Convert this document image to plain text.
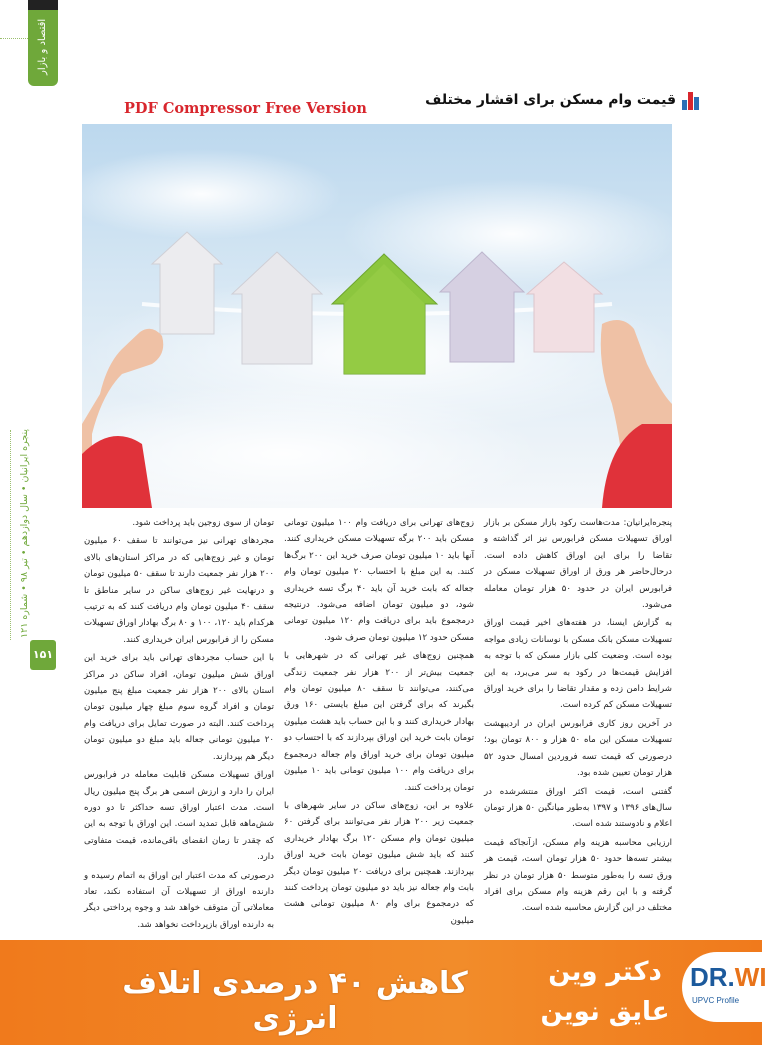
اقتصاد و بازار
پنجره ایرانیان • سال دوازدهم • تیر ۹۸ • شماره ۱۲۱
۱۵۱
PDF Compressor Free Version	قیمت وام مسکن برای اقشار مختلف

پنجره‌ایرانیان: مدت‌هاست رکود بازار مسکن بر بازار اوراق تسهیلات مسکن فرابورس نیز اثر گذاشته و تقاضا را برای این اوراق کاهش داده است. درحال‌حاضر هر ورق از اوراق تسهیلات مسکن در فرابورس ایران در حدود ۵۰ هزار تومان معامله می‌شود.

به گزارش ایسنا، در هفته‌های اخیر قیمت اوراق تسهیلات مسکن بانک مسکن با نوسانات زیادی مواجه بوده است. وضعیت کلی بازار مسکن که با توجه به افزایش قیمت‌ها در رکود به سر می‌برد، به این شرایط دامن زده و مقدار تقاضا را برای خرید اوراق تسهیلات مسکن کم کرده است.

در آخرین روز کاری فرابورس ایران در اردیبهشت تسهیلات مسکن این ماه ۵۰ هزار و ۸۰۰ تومان بود؛ درصورتی که قیمت تسه فروردین امسال حدود ۵۲ هزار تومان تعیین شده بود.

گفتنی است، قیمت اکثر اوراق منتشرشده در سال‌های ۱۳۹۶ و ۱۳۹۷ به‌طور میانگین ۵۰ هزار تومان اعلام و نادوستند شده است.

ارزیابی محاسبه هزینه وام مسکن، ازآنجاکه قیمت بیشتر تسه‌ها حدود ۵۰ هزار تومان است، قیمت هر ورق تسه را به‌طور متوسط ۵۰ هزار تومان در نظر گرفته و با این رقم هزینه وام مسکن برای افراد مختلف در این گزارش محاسبه شده است.

زوج‌های تهرانی برای دریافت وام ۱۰۰ میلیون تومانی مسکن باید ۲۰۰ برگه تسهیلات مسکن خریداری کنند. آنها باید ۱۰ میلیون تومان صرف خرید این ۲۰۰ برگ‌ها کنند. به این مبلغ با احتساب ۲۰ میلیون تومان وام جعاله که بابت خرید آن باید ۴۰ برگ تسه خریداری شود، دو میلیون تومان اضافه می‌شود. درنتیجه درمجموع باید برای دریافت وام ۱۲۰ میلیون تومانی مسکن حدود ۱۲ میلیون تومان صرف شود.

همچنین زوج‌های غیر تهرانی که در شهرهایی با جمعیت بیش‌تر از ۲۰۰ هزار نفر جمعیت زندگی می‌کنند، می‌توانند تا سقف ۸۰ میلیون تومان وام بگیرند که برای گرفتن این مبلغ بایستی ۱۶۰ ورق بهادار خریداری کنند و با این حساب باید هشت میلیون تومان بابت خرید این اوراق بپردازند که با احتساب دو میلیون تومان برای خرید اوراق وام جعاله درمجموع برای دریافت وام ۱۰۰ میلیون تومانی باید ۱۰ میلیون تومان پرداخت کنند.

علاوه بر این، زوج‌های ساکن در سایر شهرهای با جمعیت زیر ۲۰۰ هزار نفر می‌توانند برای گرفتن ۶۰ میلیون تومان وام مسکن ۱۲۰ برگ بهادار خریداری کنند که باید شش میلیون تومان بابت خرید اوراق بپردازند. همچنین برای دریافت ۲۰ میلیون تومان دیگر بابت وام جعاله نیز باید دو میلیون تومان پرداخت کنند که درمجموع برای وام ۸۰ میلیون تومانی هشت میلیون

تومان از سوی زوجین باید پرداخت شود.

مجردهای تهرانی نیز می‌توانند تا سقف ۶۰ میلیون تومان و غیر زوج‌هایی که در مراکز استان‌های بالای ۲۰۰ هزار نفر جمعیت دارند تا سقف ۵۰ میلیون تومان و درنهایت غیر زوج‌های ساکن در سایر مناطق تا سقف ۴۰ میلیون تومان وام دریافت کنند که به ترتیب هرکدام باید ۱۲۰، ۱۰۰ و ۸۰ برگ بهادار اوراق تسهیلات مسکن را از فرابورس ایران خریداری کنند.

با این حساب مجردهای تهرانی باید برای خرید این اوراق شش میلیون تومان، افراد ساکن در مراکز استان بالای ۲۰۰ هزار نفر جمعیت مبلغ پنج میلیون تومان و افراد گروه سوم مبلغ چهار میلیون تومان پرداخت کنند. البته در صورت تمایل برای دریافت وام ۲۰ میلیون تومانی جعاله باید مبلغ دو میلیون تومان دیگر هم بپردازند.

اوراق تسهیلات مسکن قابلیت معامله در فرابورس ایران را دارد و ارزش اسمی هر برگ پنج میلیون ریال است. مدت اعتبار اوراق تسه حداکثر تا دو دوره شش‌ماهه قابل تمدید است. این اوراق با توجه به این که چقدر تا زمان انقضای باقی‌مانده، قیمت متفاوتی دارد.

درصورتی که مدت اعتبار این اوراق به اتمام رسیده و دارنده اوراق از تسهیلات آن استفاده نکند، تعاد معاملاتی آن متوقف خواهد شد و وجوه پرداختی دیگر به دارنده اوراق بازپرداخت نخواهد شد.

کاهش ۴۰ درصدی اتلاف انرژی
دکتر وین
عایق نوین
DR.WI
UPVC Profile
